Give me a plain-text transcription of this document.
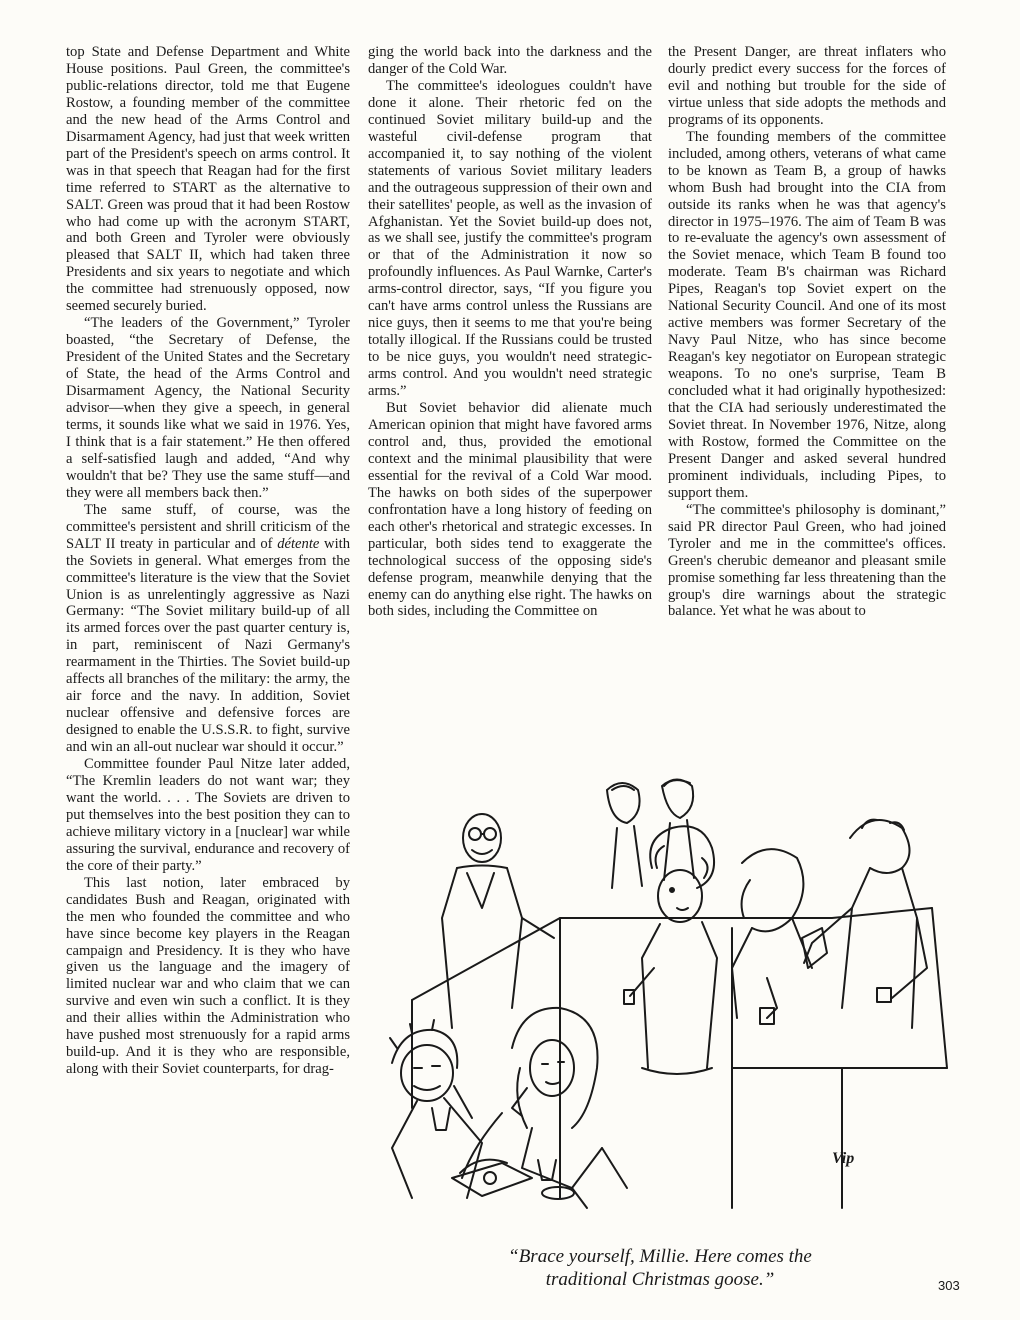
top State and Defense Department and White House positions. Paul Green, the committee's public-relations director, told me that Eugene Rostow, a founding member of the committee and the new head of the Arms Control and Disarmament Agency, had just that week written part of the President's speech on arms control. It was in that speech that Reagan had for the first time referred to START as the alternative to SALT. Green was proud that it had been Rostow who had come up with the acronym START, and both Green and Tyroler were obviously pleased that SALT II, which had taken three Presidents and six years to negotiate and which the committee had strenuously opposed, now seemed securely buried.

“The leaders of the Government,” Tyroler boasted, “the Secretary of Defense, the President of the United States and the Secretary of State, the head of the Arms Control and Disarmament Agency, the National Security advisor—when they give a speech, in general terms, it sounds like what we said in 1976. Yes, I think that is a fair statement.” He then offered a self-satisfied laugh and added, “And why wouldn't that be? They use the same stuff—and they were all members back then.”

The same stuff, of course, was the committee's persistent and shrill criticism of the SALT II treaty in particular and of détente with the Soviets in general. What emerges from the committee's literature is the view that the Soviet Union is as unrelentingly aggressive as Nazi Germany: “The Soviet military build-up of all its armed forces over the past quarter century is, in part, reminiscent of Nazi Germany's rearmament in the Thirties. The Soviet build-up affects all branches of the military: the army, the air force and the navy. In addition, Soviet nuclear offensive and defensive forces are designed to enable the U.S.S.R. to fight, survive and win an all-out nuclear war should it occur.”

Committee founder Paul Nitze later added, “The Kremlin leaders do not want war; they want the world. . . . The Soviets are driven to put themselves into the best position they can to achieve military victory in a [nuclear] war while assuring the survival, endurance and recovery of the core of their party.”

This last notion, later embraced by candidates Bush and Reagan, originated with the men who founded the committee and who have since become key players in the Reagan campaign and Presidency. It is they who have given us the language and the imagery of limited nuclear war and who claim that we can survive and even win such a conflict. It is they and their allies within the Administration who have pushed most strenuously for a rapid arms build-up. And it is they who are responsible, along with their Soviet counterparts, for drag-

ging the world back into the darkness and the danger of the Cold War.

The committee's ideologues couldn't have done it alone. Their rhetoric fed on the continued Soviet military build-up and the wasteful civil-defense program that accompanied it, to say nothing of the violent statements of various Soviet military leaders and the outrageous suppression of their own and their satellites' people, as well as the invasion of Afghanistan. Yet the Soviet build-up does not, as we shall see, justify the committee's program or that of the Administration it now so profoundly influences. As Paul Warnke, Carter's arms-control director, says, “If you figure you can't have arms control unless the Russians are nice guys, then it seems to me that you're being totally illogical. If the Russians could be trusted to be nice guys, you wouldn't need strategic-arms control. And you wouldn't need strategic arms.”

But Soviet behavior did alienate much American opinion that might have favored arms control and, thus, provided the emotional context and the minimal plausibility that were essential for the revival of a Cold War mood. The hawks on both sides of the superpower confrontation have a long history of feeding on each other's rhetorical and strategic excesses. In particular, both sides tend to exaggerate the technological success of the opposing side's defense program, meanwhile denying that the enemy can do anything else right. The hawks on both sides, including the Committee on

the Present Danger, are threat inflaters who dourly predict every success for the forces of evil and nothing but trouble for the side of virtue unless that side adopts the methods and programs of its opponents.

The founding members of the committee included, among others, veterans of what came to be known as Team B, a group of hawks whom Bush had brought into the CIA from outside its ranks when he was that agency's director in 1975–1976. The aim of Team B was to re-evaluate the agency's own assessment of the Soviet menace, which Team B found too moderate. Team B's chairman was Richard Pipes, Reagan's top Soviet expert on the National Security Council. And one of its most active members was former Secretary of the Navy Paul Nitze, who has since become Reagan's key negotiator on European strategic weapons. To no one's surprise, Team B concluded what it had originally hypothesized: that the CIA had seriously underestimated the Soviet threat. In November 1976, Nitze, along with Rostow, formed the Committee on the Present Danger and asked several hundred prominent individuals, including Pipes, to support them.

“The committee's philosophy is dominant,” said PR director Paul Green, who had joined Tyroler and me in the committee's offices. Green's cherubic demeanor and pleasant smile promise something far less threatening than the group's dire warnings about the strategic balance. Yet what he was about to

Vip
“Brace yourself, Millie. Here comes the
traditional Christmas goose.”	303
